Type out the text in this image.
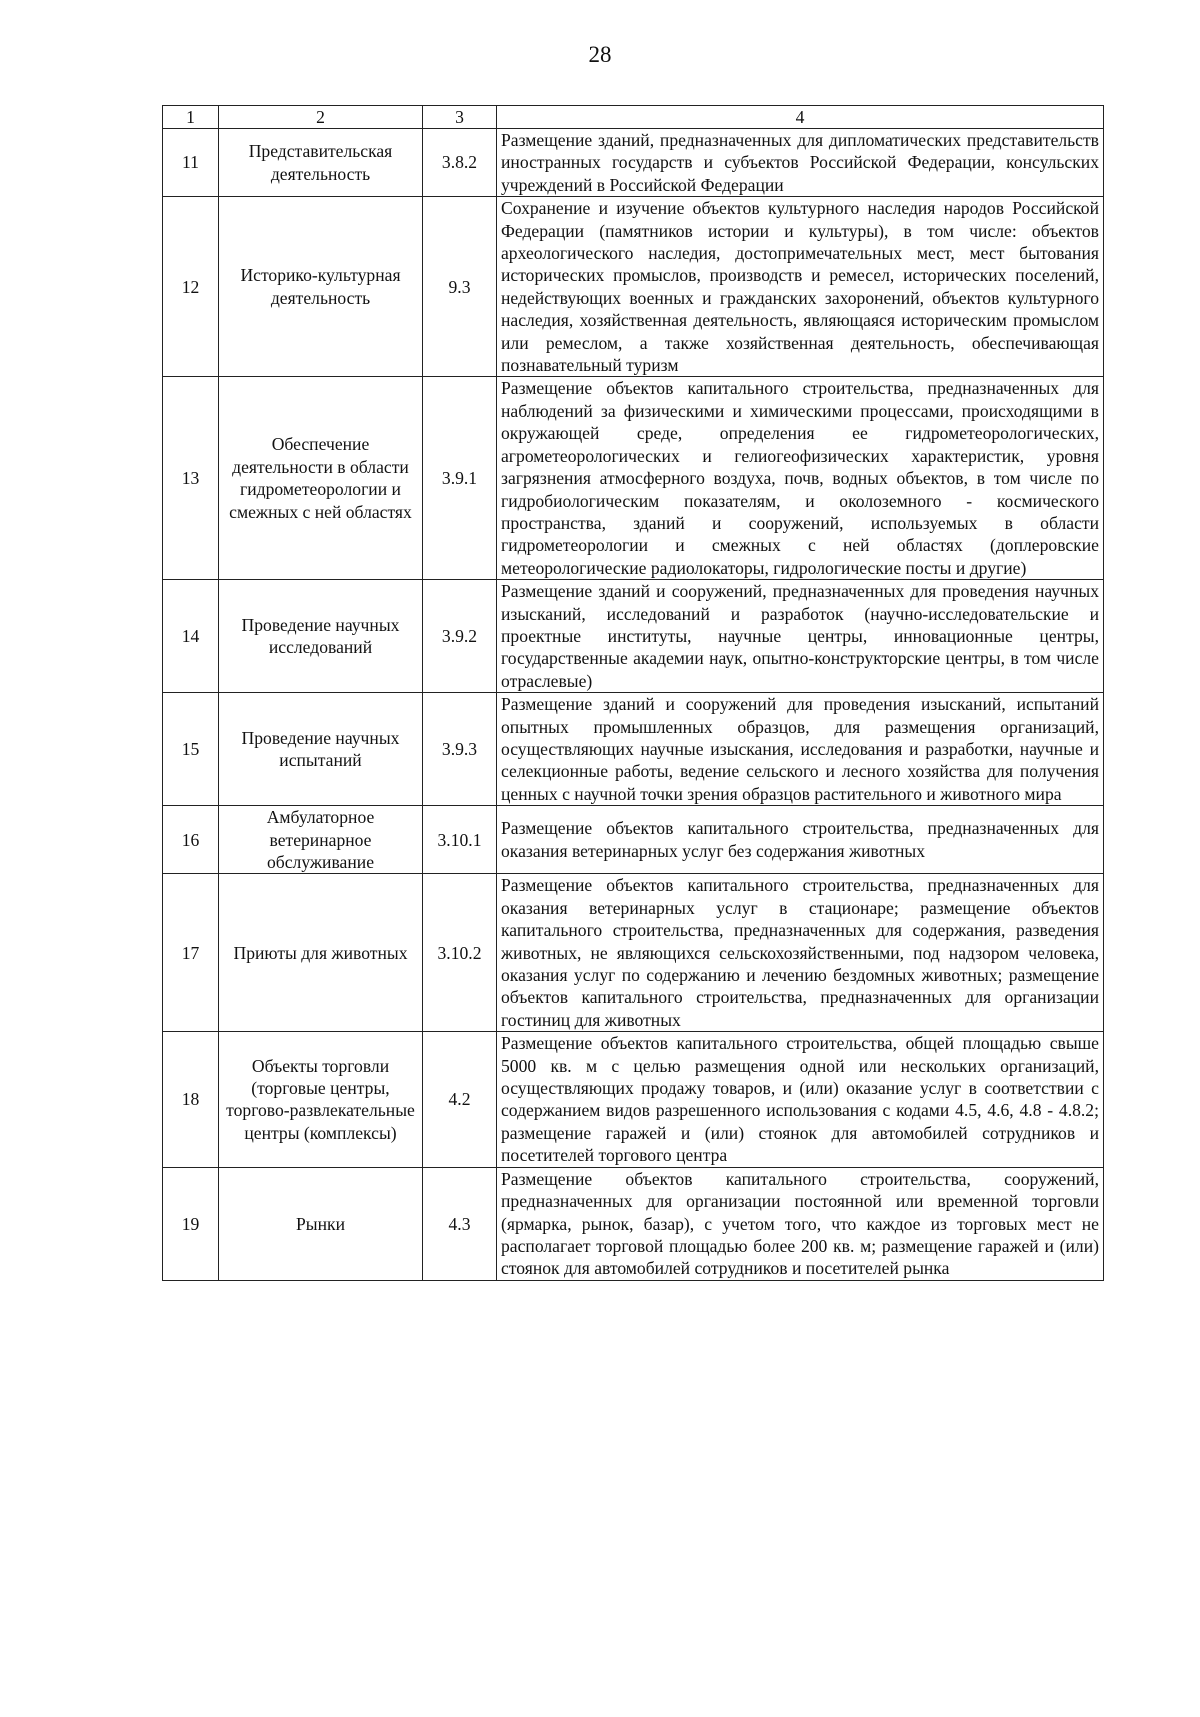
28
1	2	3	4
11	Представительская деятельность	3.8.2	Размещение зданий, предназначенных для дипломатических представительств иностранных государств и субъектов Российской Федерации, консульских учреждений в Российской Федерации
12	Историко-культурная деятельность	9.3	Сохранение и изучение объектов культурного наследия народов Российской Федерации (памятников истории и культуры), в том числе: объектов археологического наследия, достопримечательных мест, мест бытования исторических промыслов, производств и ремесел, исторических поселений, недействующих военных и гражданских захоронений, объектов культурного наследия, хозяйственная деятельность, являющаяся историческим промыслом или ремеслом, а также хозяйственная деятельность, обеспечивающая познавательный туризм
13	Обеспечение деятельности в области гидрометеорологии и смежных с ней областях	3.9.1	Размещение объектов капитального строительства, предназначенных для наблюдений за физическими и химическими процессами, происходящими в окружающей среде, определения ее гидрометеорологических, агрометеорологических и гелиогеофизических характеристик, уровня загрязнения атмосферного воздуха, почв, водных объектов, в том числе по гидробиологическим показателям, и околоземного - космического пространства, зданий и сооружений, используемых в области гидрометеорологии и смежных с ней областях (доплеровские метеорологические радиолокаторы, гидрологические посты и другие)
14	Проведение научных исследований	3.9.2	Размещение зданий и сооружений, предназначенных для проведения научных изысканий, исследований и разработок (научно-исследовательские и проектные институты, научные центры, инновационные центры, государственные академии наук, опытно-конструкторские центры, в том числе отраслевые)
15	Проведение научных испытаний	3.9.3	Размещение зданий и сооружений для проведения изысканий, испытаний опытных промышленных образцов, для размещения организаций, осуществляющих научные изыскания, исследования и разработки, научные и селекционные работы, ведение сельского и лесного хозяйства для получения ценных с научной точки зрения образцов растительного и животного мира
16	Амбулаторное ветеринарное обслуживание	3.10.1	Размещение объектов капитального строительства, предназначенных для оказания ветеринарных услуг без содержания животных
17	Приюты для животных	3.10.2	Размещение объектов капитального строительства, предназначенных для оказания ветеринарных услуг в стационаре; размещение объектов капитального строительства, предназначенных для содержания, разведения животных, не являющихся сельскохозяйственными, под надзором человека, оказания услуг по содержанию и лечению бездомных животных; размещение объектов капитального строительства, предназначенных для организации гостиниц для животных
18	Объекты торговли (торговые центры, торгово-развлекательные центры (комплексы)	4.2	Размещение объектов капитального строительства, общей площадью свыше 5000 кв. м с целью размещения одной или нескольких организаций, осуществляющих продажу товаров, и (или) оказание услуг в соответствии с содержанием видов разрешенного использования с кодами 4.5, 4.6, 4.8 - 4.8.2; размещение гаражей и (или) стоянок для автомобилей сотрудников и посетителей торгового центра
19	Рынки	4.3	Размещение объектов капитального строительства, сооружений, предназначенных для организации постоянной или временной торговли (ярмарка, рынок, базар), с учетом того, что каждое из торговых мест не располагает торговой площадью более 200 кв. м; размещение гаражей и (или) стоянок для автомобилей сотрудников и посетителей рынка
